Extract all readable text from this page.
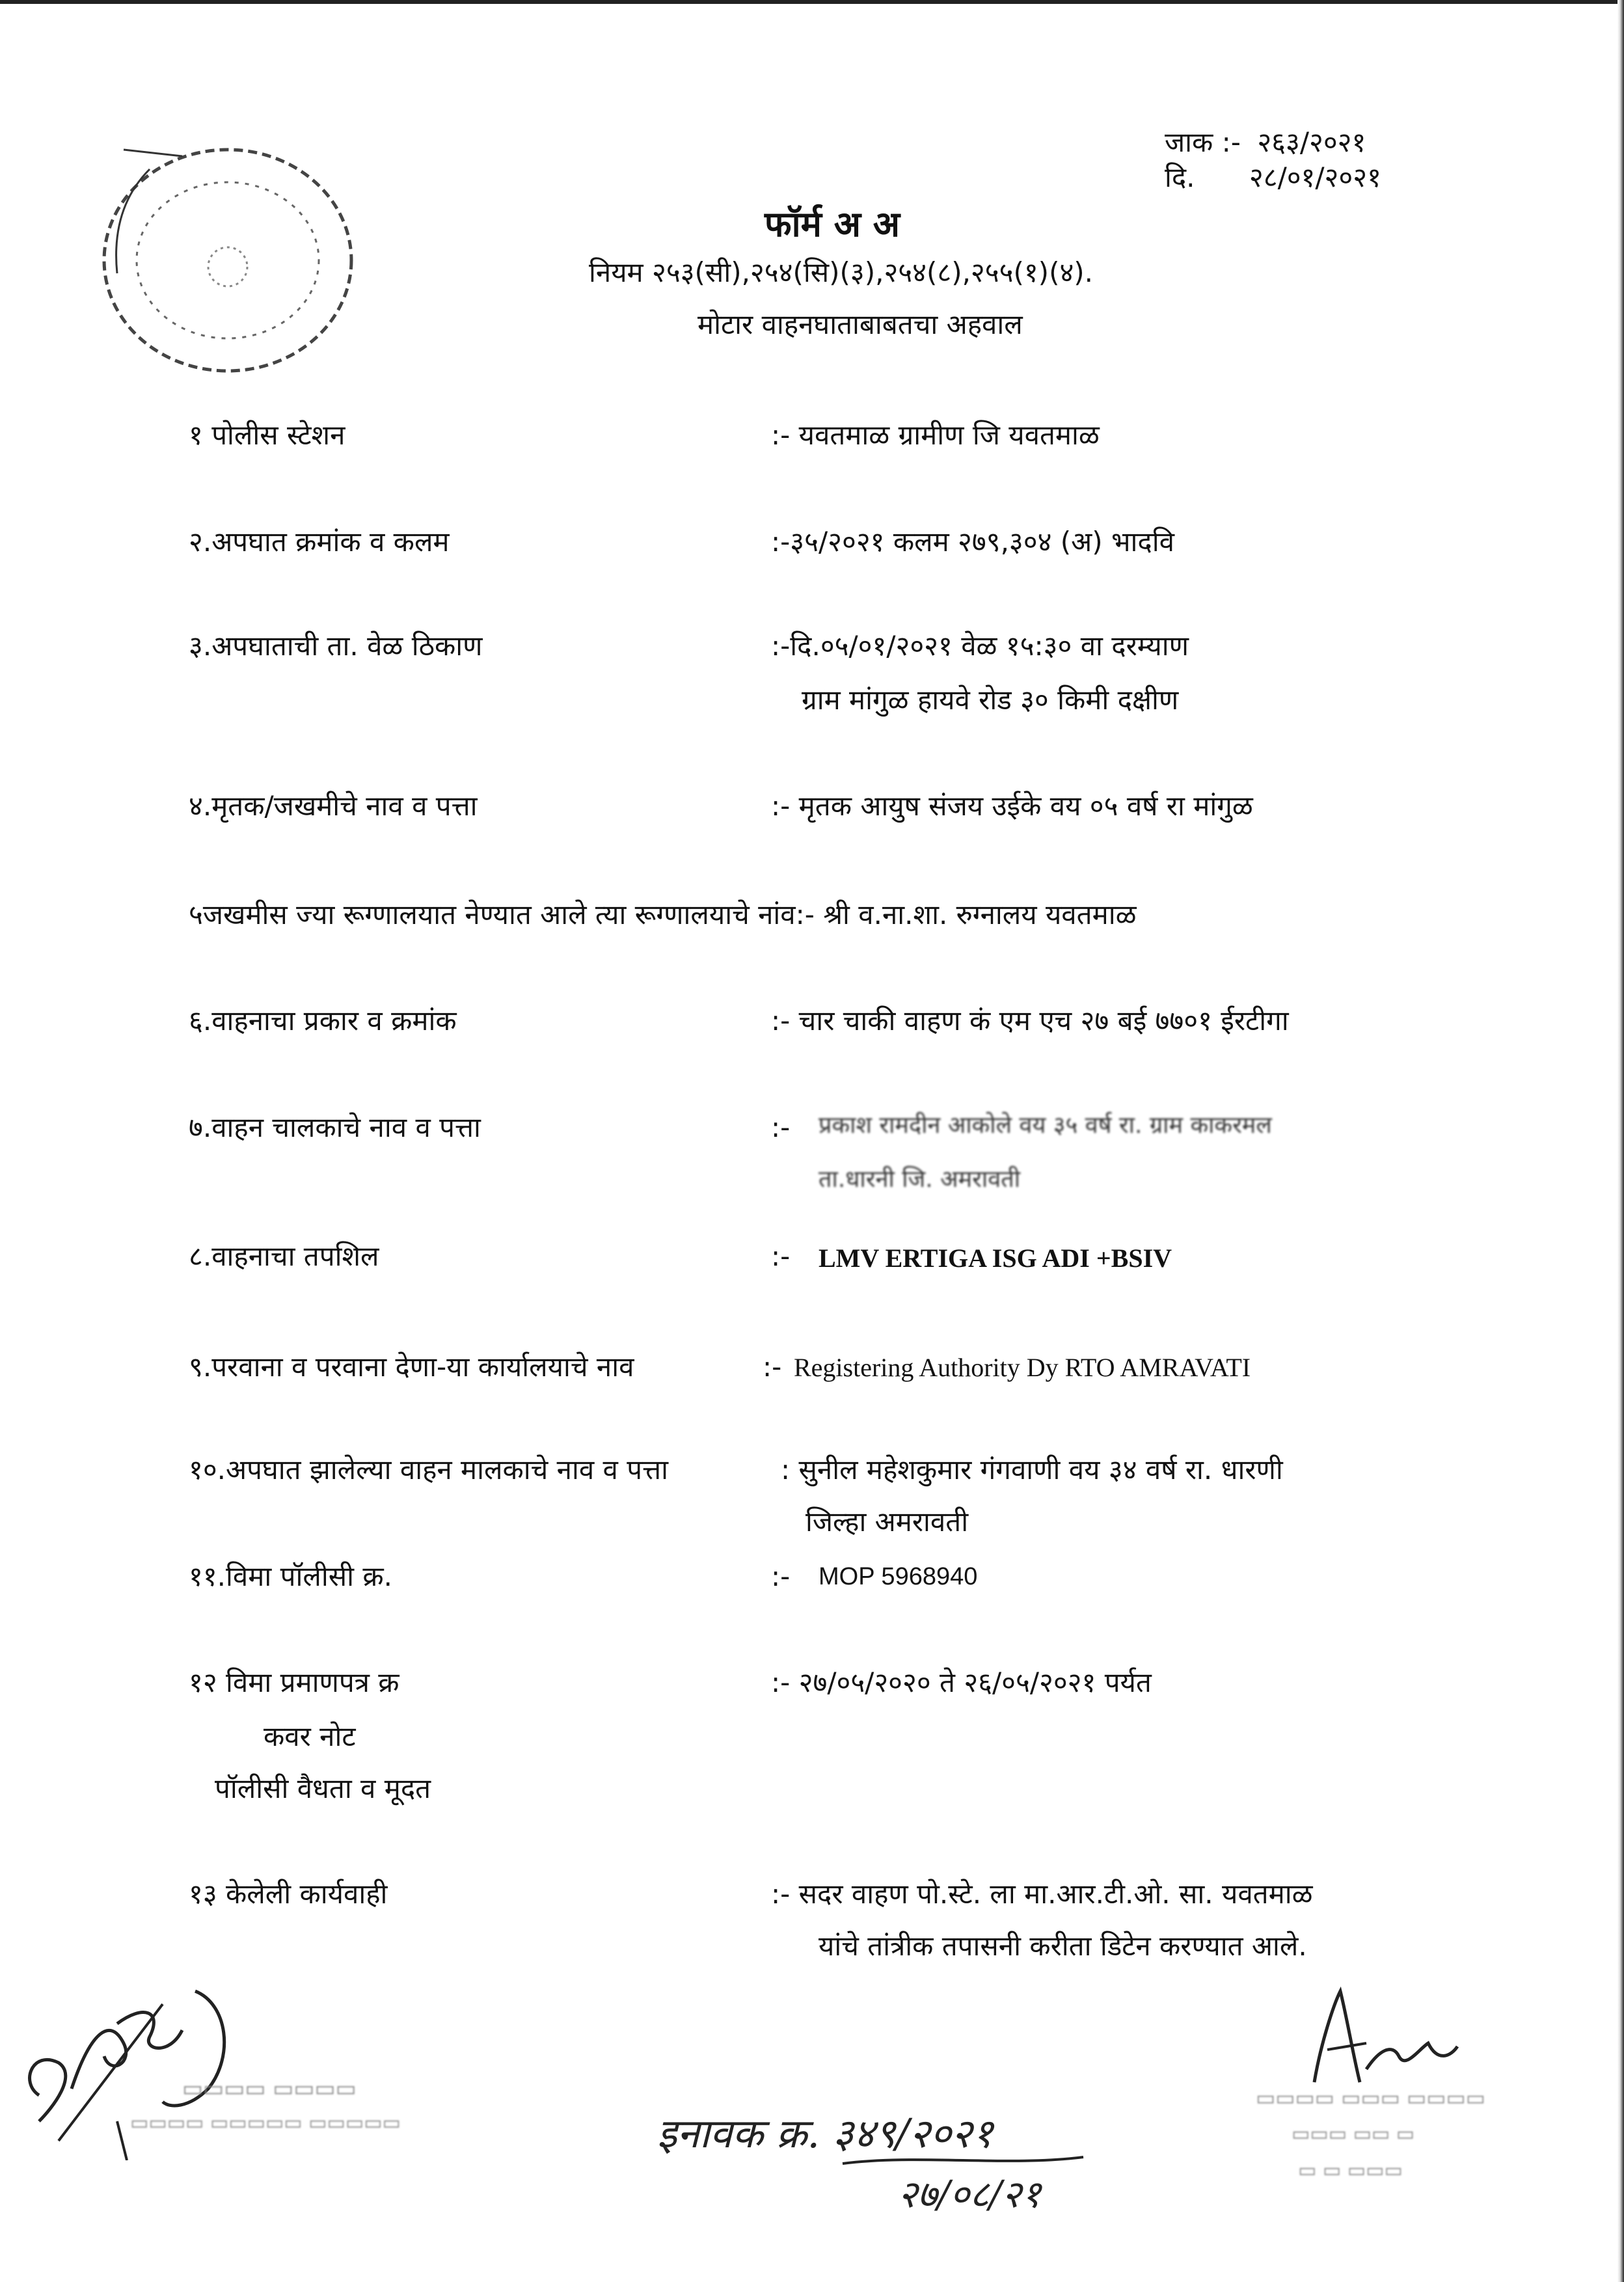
जाक :- २६३/२०२१
दि. २८/०१/२०२१
फॉर्म अ अ
नियम २५३(सी),२५४(सि)(३),२५४(८),२५५(१)(४).
मोटार वाहनघाताबाबतचा अहवाल
१ पोलीस स्टेशन	:- यवतमाळ ग्रामीण जि यवतमाळ
२.अपघात क्रमांक व कलम	:-३५/२०२१ कलम २७९,३०४ (अ) भादवि
३.अपघाताची ता. वेळ ठिकाण	:-दि.०५/०१/२०२१ वेळ १५:३० वा दरम्याण
ग्राम मांगुळ हायवे रोड ३० किमी दक्षीण
४.मृतक/जखमीचे नाव व पत्ता	:- मृतक आयुष संजय उईके वय ०५ वर्ष रा मांगुळ
५जखमीस ज्या रूग्णालयात नेण्यात आले त्या रूग्णालयाचे नांव:- श्री व.ना.शा. रुग्नालय यवतमाळ
६.वाहनाचा प्रकार व क्रमांक	:- चार चाकी वाहण कं एम एच २७ बई ७७०१ ईरटीगा
७.वाहन चालकाचे नाव व पत्ता	:- प्रकाश रामदीन आकोले वय ३५ वर्ष रा. ग्राम काकरमल
ता.धारनी जि. अमरावती
८.वाहनाचा तपशिल	:- LMV ERTIGA ISG ADI +BSIV
९.परवाना व परवाना देणा-या कार्यालयाचे नाव	:- Registering Authority Dy RTO AMRAVATI
१०.अपघात झालेल्या वाहन मालकाचे नाव व पत्ता	: सुनील महेशकुमार गंगवाणी वय ३४ वर्ष रा. धारणी
जिल्हा अमरावती
११.विमा पॉलीसी क्र.	:- MOP 5968940
१२ विमा प्रमाणपत्र क्र
कवर नोट
पॉलीसी वैधता व मूदत
:- २७/०५/२०२० ते २६/०५/२०२१ पर्यत
१३ केलेली कार्यवाही	:- सदर वाहण पो.स्टे. ला मा.आर.टी.ओ. सा. यवतमाळ
यांचे तांत्रीक तपासनी करीता डिटेन करण्यात आले.
▭▭▭▭ ▭▭▭▭
▭▭▭▭ ▭▭▭▭▭ ▭▭▭▭▭	इनावक क्र. ३४९/२०२१
२७/०८/२१
▭▭▭▭ ▭▭▭ ▭▭▭▭
▭▭▭ ▭▭ ▭
▭ ▭ ▭▭▭
